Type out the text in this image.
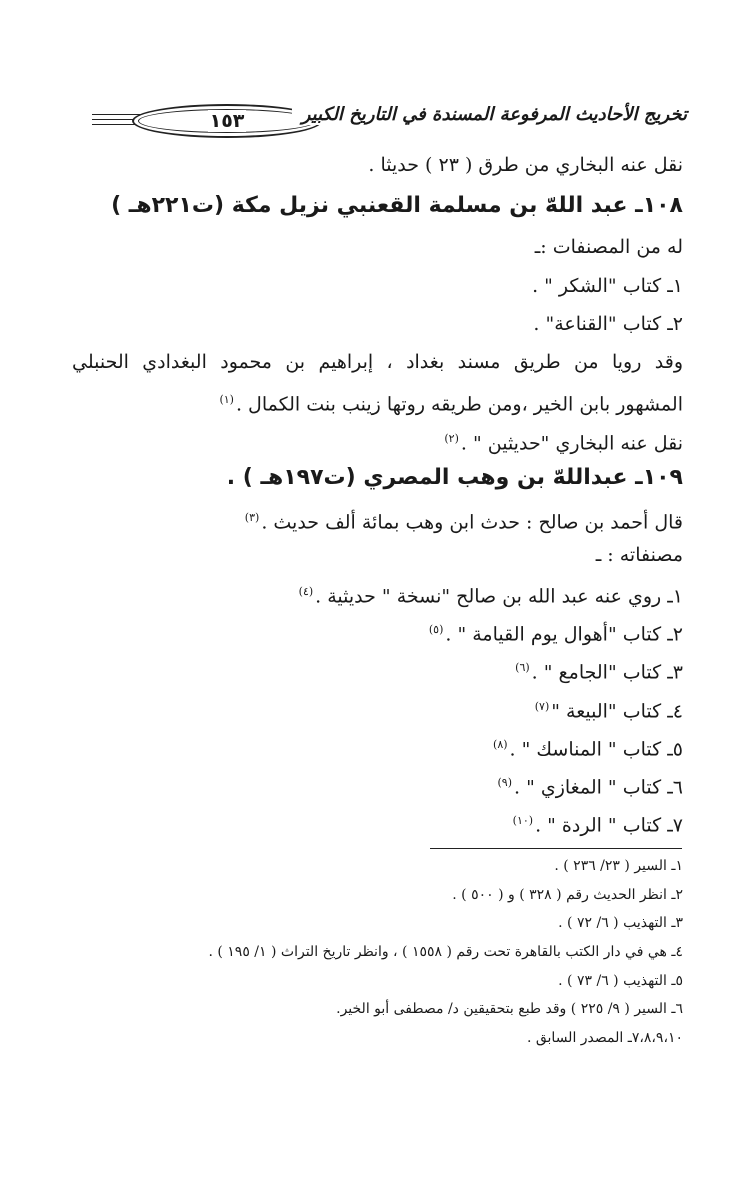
١٥٣	تخريج الأحاديث المرفوعة المسندة في التاريخ الكبير
نقل عنه البخاري من طرق ( ٢٣ ) حديثا .
١٠٨ـ عبد اللهّ بن مسلمة القعنبي نزيل مكة (ت٢٢١هـ )
له من المصنفات :ـ
١ـ كتاب "الشكر " .
٢ـ كتاب "القناعة" .
وقد رويا من طريق مسند بغداد ، إبراهيم بن محمود البغدادي الحنبلي
المشهور بابن الخير ،ومن طريقه روتها زينب بنت الكمال .$^{(١)}$
نقل عنه البخاري "حديثين " .$^{(٢)}$
١٠٩ـ عبداللهّ بن وهب المصري (ت١٩٧هـ ) .
قال أحمد بن صالح : حدث ابن وهب بمائة ألف حديث .$^{(٣)}$
مصنفاته : ـ
١ـ روي عنه عبد الله بن صالح "نسخة " حديثية .$^{(٤)}$
٢ـ كتاب "أهوال يوم القيامة " .$^{(٥)}$
٣ـ كتاب "الجامع " .$^{(٦)}$
٤ـ كتاب "البيعة "$^{(٧)}$
٥ـ كتاب " المناسك " .$^{(٨)}$
٦ـ كتاب " المغازي " .$^{(٩)}$
٧ـ كتاب " الردة " .$^{(١٠)}$
١ـ السير ( ٢٣/ ٢٣٦ ) .
٢ـ انظر الحديث رقم ( ٣٢٨ ) و ( ٥٠٠ ) .
٣ـ التهذيب ( ٦/ ٧٢ ) .
٤ـ هي في دار الكتب بالقاهرة تحت رقم ( ١٥٥٨ ) ، وانظر تاريخ التراث ( ١/ ١٩٥ ) .
٥ـ التهذيب ( ٦/ ٧٣ ) .
٦ـ السير ( ٩/ ٢٢٥ ) وقد طبع بتحقيقين د/ مصطفى أبو الخير.
٧،٨،٩،١٠ـ المصدر السابق .
